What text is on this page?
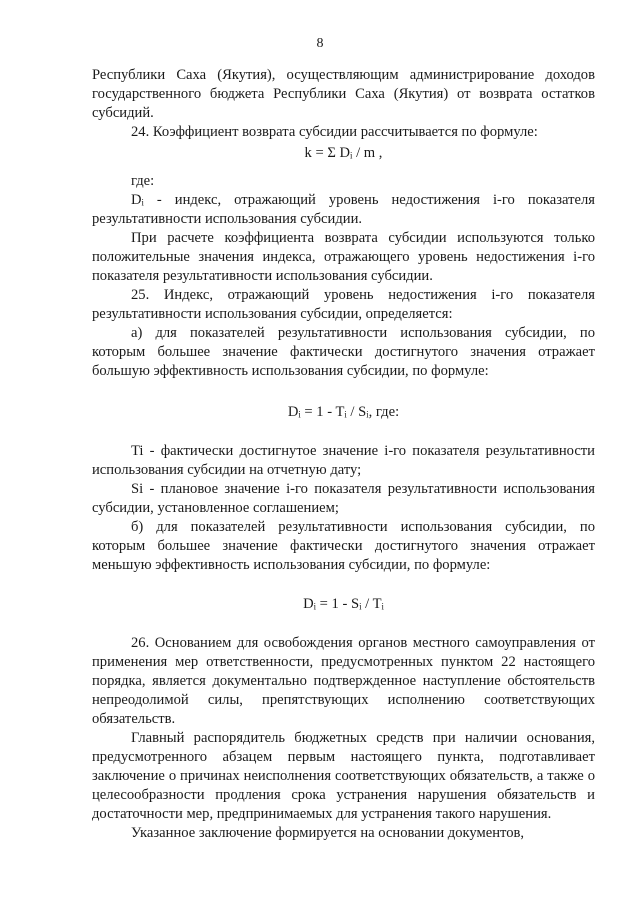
8

Республики Саха (Якутия), осуществляющим администрирование доходов государственного бюджета Республики Саха (Якутия) от возврата остатков субсидий.

24. Коэффициент возврата субсидии рассчитывается по формуле:

k = Σ Dᵢ / m ,

где:

Dᵢ - индекс, отражающий уровень недостижения i-го показателя результативности использования субсидии.

При расчете коэффициента возврата субсидии используются только положительные значения индекса, отражающего уровень недостижения i-го показателя результативности использования субсидии.

25. Индекс, отражающий уровень недостижения i-го показателя результативности использования субсидии, определяется:

а) для показателей результативности использования субсидии, по которым большее значение фактически достигнутого значения отражает большую эффективность использования субсидии, по формуле:

Dᵢ = 1 - Tᵢ / Sᵢ, где:

Ti - фактически достигнутое значение i-го показателя результативности использования субсидии на отчетную дату;

Si - плановое значение i-го показателя результативности использования субсидии, установленное соглашением;

б) для показателей результативности использования субсидии, по которым большее значение фактически достигнутого значения отражает меньшую эффективность использования субсидии, по формуле:

Dᵢ = 1 - Sᵢ / Tᵢ

26. Основанием для освобождения органов местного самоуправления от применения мер ответственности, предусмотренных пунктом 22 настоящего порядка, является документально подтвержденное наступление обстоятельств непреодолимой силы, препятствующих исполнению соответствующих обязательств.

Главный распорядитель бюджетных средств при наличии основания, предусмотренного абзацем первым настоящего пункта, подготавливает заключение о причинах неисполнения соответствующих обязательств, а также о целесообразности продления срока устранения нарушения обязательств и достаточности мер, предпринимаемых для устранения такого нарушения.

Указанное заключение формируется на основании документов,
